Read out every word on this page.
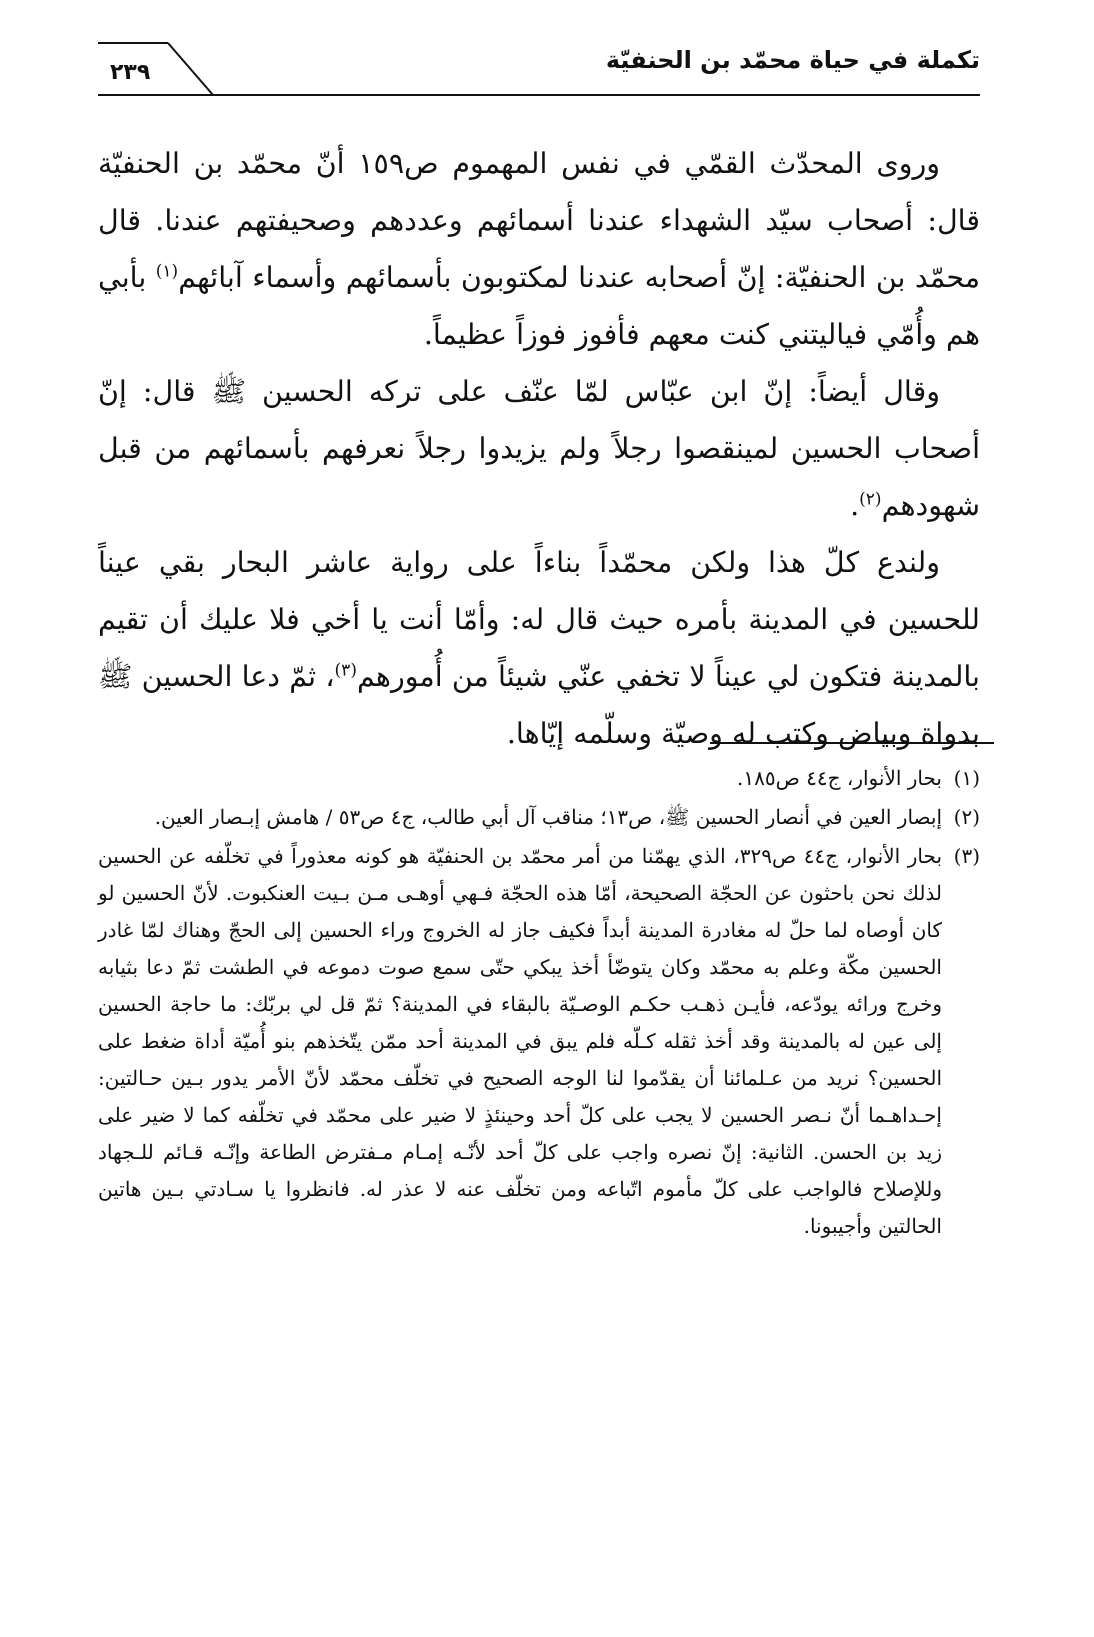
٢٣٩	تكملة في حياة محمّد بن الحنفيّة

وروى المحدّث القمّي في نفس المهموم ص١٥٩ أنّ محمّد بن الحنفيّة قال: أصحاب سيّد الشهداء عندنا أسمائهم وعددهم وصحيفتهم عندنا. قال محمّد بن الحنفيّة: إنّ أصحابه عندنا لمكتوبون بأسمائهم وأسماء آبائهم$^{(١)}$ بأبي هم وأُمّي فياليتني كنت معهم فأفوز فوزاً عظيماً.

وقال أيضاً: إنّ ابن عبّاس لمّا عنّف على تركه الحسين ﷺ قال: إنّ أصحاب الحسين لم‍ينقصوا رجلاً ولم يزيدوا رجلاً نعرفهم بأسمائهم من قبل شهودهم$^{(٢)}$.

ولندع كلّ هذا ولكن محمّداً بناءاً على رواية عاشر البحار بقي عيناً للحسين في المدينة بأمره حيث قال له: وأمّا أنت يا أخي فلا عليك أن تقيم بالمدينة فتكون لي عيناً لا تخفي عنّي شيئاً من أُمورهم$^{(٣)}$، ثمّ دعا الحسين ﷺ بدواة وبياض وكتب له وصيّة وسلّمه إيّاها.

(١)
بحار الأنوار، ج٤٤ ص١٨٥.
(٢)
إبصار العين في أنصار الحسين ﷺ، ص١٣؛ مناقب آل أبي طالب، ج٤ ص٥٣ / هامش إبـصار العين.
(٣)
بحار الأنوار، ج٤٤ ص٣٢٩، الذي يهمّنا من أمر محمّد بن الحنفيّة هو كونه معذوراً في تخلّفه عن الحسين لذلك نحن باحثون عن الحجّة الصحيحة، أمّا هذه الحجّة فـهي أوهـى مـن بـيت العنكبوت. لأنّ الحسين لو كان أوصاه لما حلّ له مغادرة المدينة أبداً فكيف جاز له الخروج وراء الحسين إلى الحجّ وهناك لمّا غادر الحسين مكّة وعلم به محمّد وكان يتوضّأ أخذ يبكي حتّى سمع صوت دموعه في الطشت ثمّ دعا بثيابه وخرج ورائه يودّعه، فأيـن ذهـب حكـم الوصـيّة بالبقاء في المدينة؟ ثمّ قل لي بربّك: ما حاجة الحسين إلى عين له بالمدينة وقد أخذ ثقله كـلّه فلم يبق في المدينة أحد ممّن يتّخذهم بنو أُميّة أداة ضغط على الحسين؟ نريد من عـلمائنا أن يقدّموا لنا الوجه الصحيح في تخلّف محمّد لأنّ الأمر يدور بـين حـالتين: إحـداهـما أنّ نـصر الحسين لا يجب على كلّ أحد وحينئذٍ لا ضير على محمّد في تخلّفه كما لا ضير على زيد بن الحسن. الثانية: إنّ نصره واجب على كلّ أحد لأنّـه إمـام مـفترض الطاعة وإنّـه قـائم للـجهاد وللإصلاح فالواجب على كلّ مأموم اتّباعه ومن تخلّف عنه لا عذر له. فانظروا يا سـادتي بـين هاتين الحالتين وأجيبونا.
